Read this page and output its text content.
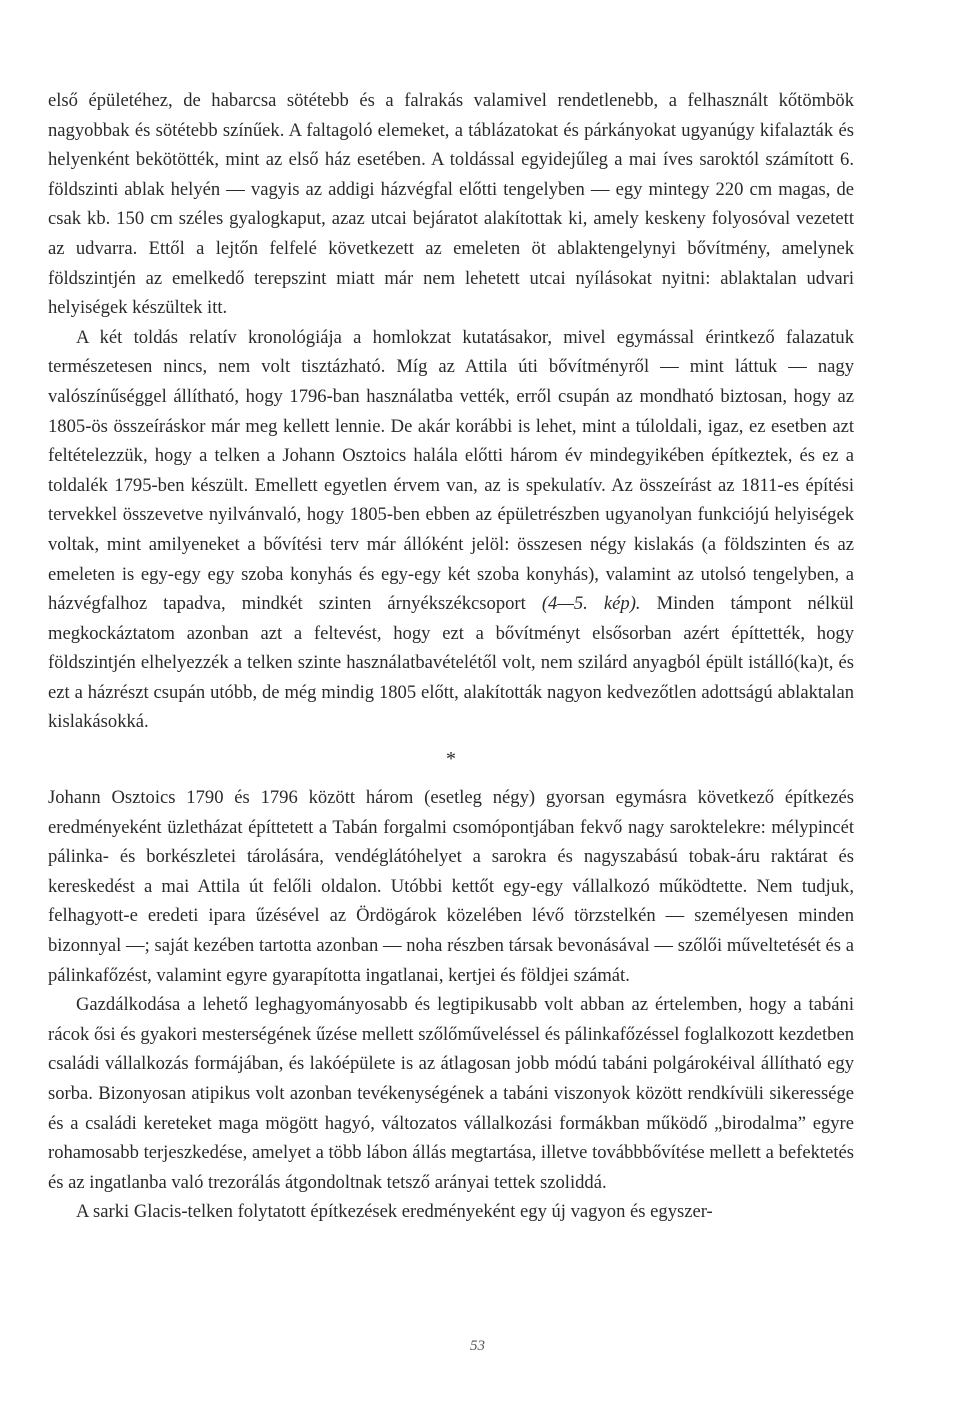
első épületéhez, de habarcsa sötétebb és a falrakás valamivel rendetlenebb, a felhasznált kőtömbök nagyobbak és sötétebb színűek. A faltagoló elemeket, a táblázatokat és párkányokat ugyanúgy kifalazták és helyenként bekötötték, mint az első ház esetében. A toldással egyidejűleg a mai íves saroktól számított 6. földszinti ablak helyén — vagyis az addigi házvégfal előtti tengelyben — egy mintegy 220 cm magas, de csak kb. 150 cm széles gyalogkaput, azaz utcai bejáratot alakítottak ki, amely keskeny folyosóval vezetett az udvarra. Ettől a lejtőn felfelé következett az emeleten öt ablaktengelynyi bővítmény, amelynek földszintjén az emelkedő terepszint miatt már nem lehetett utcai nyílásokat nyitni: ablaktalan udvari helyiségek készültek itt.

A két toldás relatív kronológiája a homlokzat kutatásakor, mivel egymással érintkező falazatuk természetesen nincs, nem volt tisztázható. Míg az Attila úti bővítményről — mint láttuk — nagy valószínűséggel állítható, hogy 1796-ban használatba vették, erről csupán az mondható biztosan, hogy az 1805-ös összeíráskor már meg kellett lennie. De akár korábbi is lehet, mint a túloldali, igaz, ez esetben azt feltételezzük, hogy a telken a Johann Osztoics halála előtti három év mindegyikében építkeztek, és ez a toldalék 1795-ben készült. Emellett egyetlen érvem van, az is spekulatív. Az összeírást az 1811-es építési tervekkel összevetve nyilvánvaló, hogy 1805-ben ebben az épületrészben ugyanolyan funkciójú helyiségek voltak, mint amilyeneket a bővítési terv már állóként jelöl: összesen négy kislakás (a földszinten és az emeleten is egy-egy egy szoba konyhás és egy-egy két szoba konyhás), valamint az utolsó tengelyben, a házvégfalhoz tapadva, mindkét szinten árnyékszékcsoport (4—5. kép). Minden támpont nélkül megkockáztatom azonban azt a feltevést, hogy ezt a bővítményt elsősorban azért építtették, hogy földszintjén elhelyezzék a telken szinte használatbavételétől volt, nem szilárd anyagból épült istálló(ka)t, és ezt a házrészt csupán utóbb, de még mindig 1805 előtt, alakították nagyon kedvezőtlen adottságú ablaktalan kislakásokká.

*

Johann Osztoics 1790 és 1796 között három (esetleg négy) gyorsan egymásra következő építkezés eredményeként üzletházat építtetett a Tabán forgalmi csomópontjában fekvő nagy saroktelekre: mélypincét pálinka- és borkészletei tárolására, vendéglátóhelyet a sarokra és nagyszabású tobak-áru raktárat és kereskedést a mai Attila út felőli oldalon. Utóbbi kettőt egy-egy vállalkozó működtette. Nem tudjuk, felhagyott-e eredeti ipara űzésével az Ördögárok közelében lévő törzstelkén — személyesen minden bizonnyal —; saját kezében tartotta azonban — noha részben társak bevonásával — szőlői műveltetését és a pálinkafőzést, valamint egyre gyarapította ingatlanai, kertjei és földjei számát.

Gazdálkodása a lehető leghagyományosabb és legtipikusabb volt abban az értelemben, hogy a tabáni rácok ősi és gyakori mesterségének űzése mellett szőlőműveléssel és pálinkafőzéssel foglalkozott kezdetben családi vállalkozás formájában, és lakóépülete is az átlagosan jobb módú tabáni polgárokéival állítható egy sorba. Bizonyosan atipikus volt azonban tevékenységének a tabáni viszonyok között rendkívüli sikeressége és a családi kereteket maga mögött hagyó, változatos vállalkozási formákban működő „birodalma” egyre rohamosabb terjeszkedése, amelyet a több lábon állás megtartása, illetve továbbbővítése mellett a befektetés és az ingatlanba való trezorálás átgondoltnak tetsző arányai tettek szoliddá.

A sarki Glacis-telken folytatott építkezések eredményeként egy új vagyon és egyszer-

53
